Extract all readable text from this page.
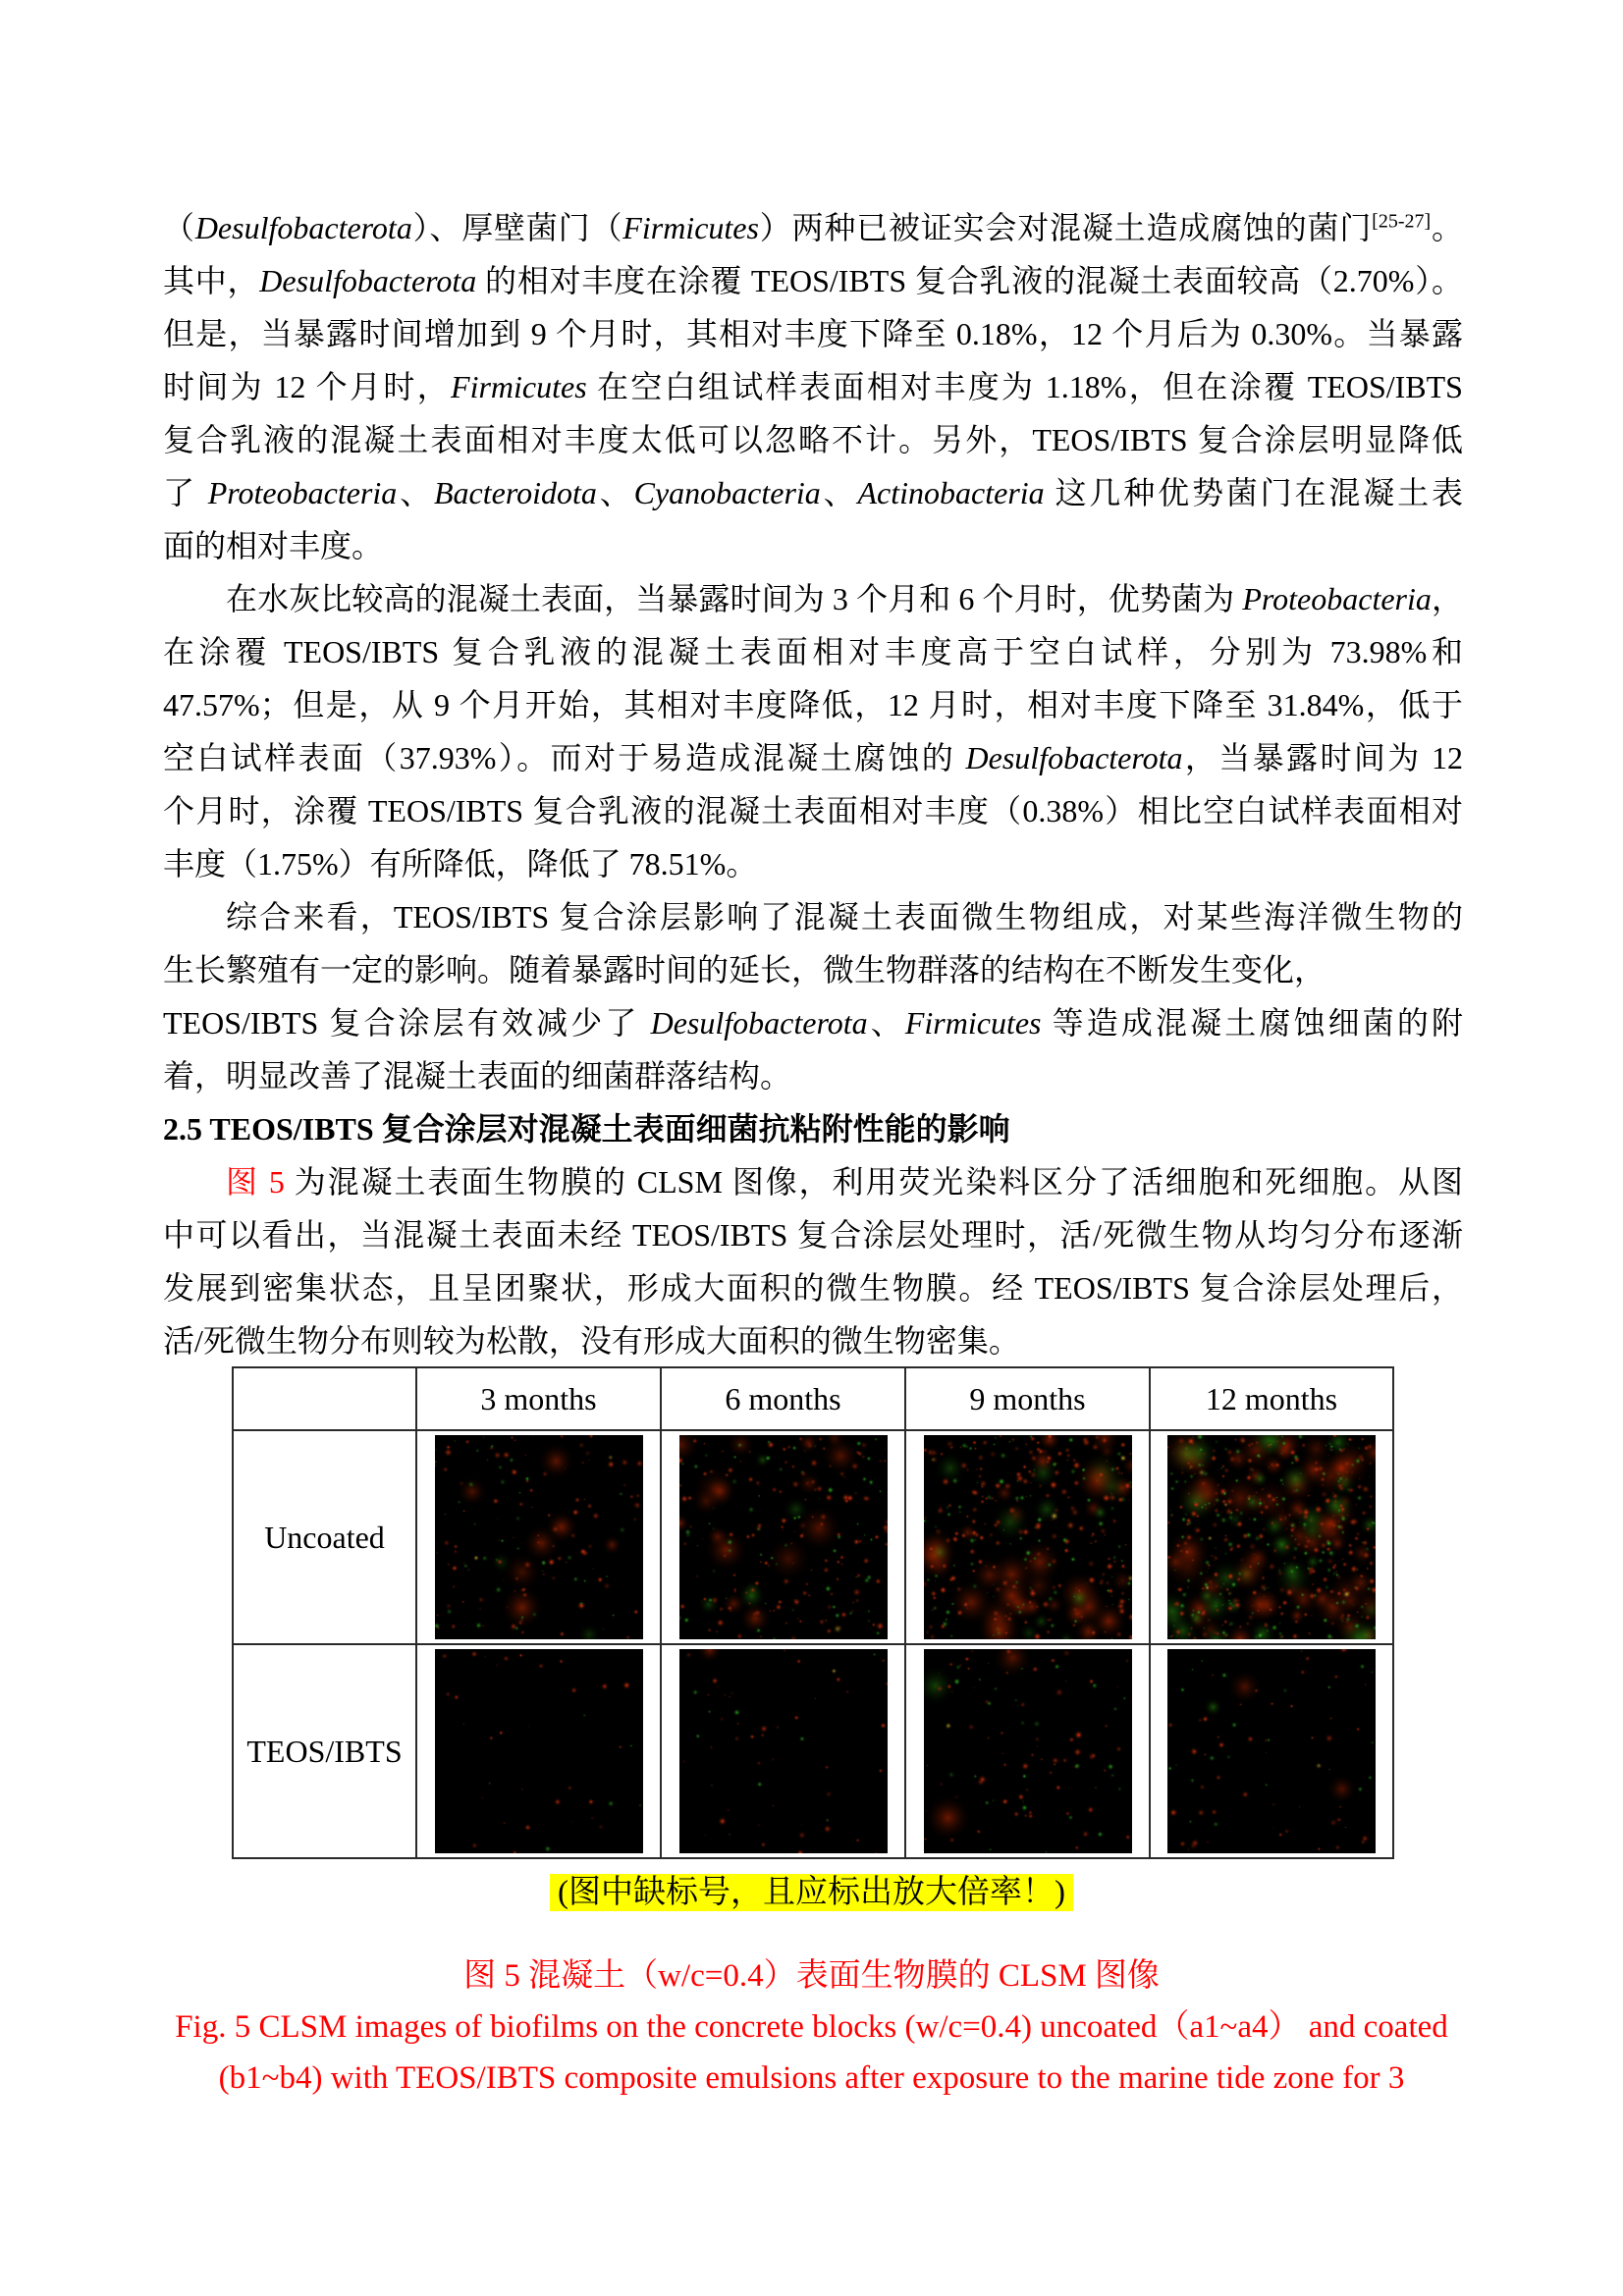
（Desulfobacterota）、厚壁菌门（Firmicutes）两种已被证实会对混凝土造成腐蚀的菌门[25-27]。
其中，Desulfobacterota 的相对丰度在涂覆 TEOS/IBTS 复合乳液的混凝土表面较高（2.70%）。
但是，当暴露时间增加到 9 个月时，其相对丰度下降至 0.18%，12 个月后为 0.30%。当暴露
时间为 12 个月时，Firmicutes 在空白组试样表面相对丰度为 1.18%，但在涂覆 TEOS/IBTS
复合乳液的混凝土表面相对丰度太低可以忽略不计。另外，TEOS/IBTS 复合涂层明显降低
了 Proteobacteria、Bacteroidota、Cyanobacteria、Actinobacteria 这几种优势菌门在混凝土表
面的相对丰度。
在水灰比较高的混凝土表面，当暴露时间为 3 个月和 6 个月时，优势菌为 Proteobacteria，
在涂覆 TEOS/IBTS 复合乳液的混凝土表面相对丰度高于空白试样，分别为 73.98%和
47.57%；但是，从 9 个月开始，其相对丰度降低，12 月时，相对丰度下降至 31.84%，低于
空白试样表面（37.93%）。而对于易造成混凝土腐蚀的 Desulfobacterota，当暴露时间为 12
个月时，涂覆 TEOS/IBTS 复合乳液的混凝土表面相对丰度（0.38%）相比空白试样表面相对
丰度（1.75%）有所降低，降低了 78.51%。
综合来看，TEOS/IBTS 复合涂层影响了混凝土表面微生物组成，对某些海洋微生物的
生长繁殖有一定的影响。随着暴露时间的延长，微生物群落的结构在不断发生变化，
TEOS/IBTS 复合涂层有效减少了 Desulfobacterota、Firmicutes 等造成混凝土腐蚀细菌的附
着，明显改善了混凝土表面的细菌群落结构。
2.5 TEOS/IBTS 复合涂层对混凝土表面细菌抗粘附性能的影响
图 5 为混凝土表面生物膜的 CLSM 图像，利用荧光染料区分了活细胞和死细胞。从图
中可以看出，当混凝土表面未经 TEOS/IBTS 复合涂层处理时，活/死微生物从均匀分布逐渐
发展到密集状态，且呈团聚状，形成大面积的微生物膜。经 TEOS/IBTS 复合涂层处理后，
活/死微生物分布则较为松散，没有形成大面积的微生物密集。
	3 months	6 months	9 months	12 months
Uncoated	

TEOS/IBTS	

(图中缺标号，且应标出放大倍率！)
图 5 混凝土（w/c=0.4）表面生物膜的 CLSM 图像
Fig. 5 CLSM images of biofilms on the concrete blocks (w/c=0.4) uncoated（a1~a4） and coated
(b1~b4) with TEOS/IBTS composite emulsions after exposure to the marine tide zone for 3
